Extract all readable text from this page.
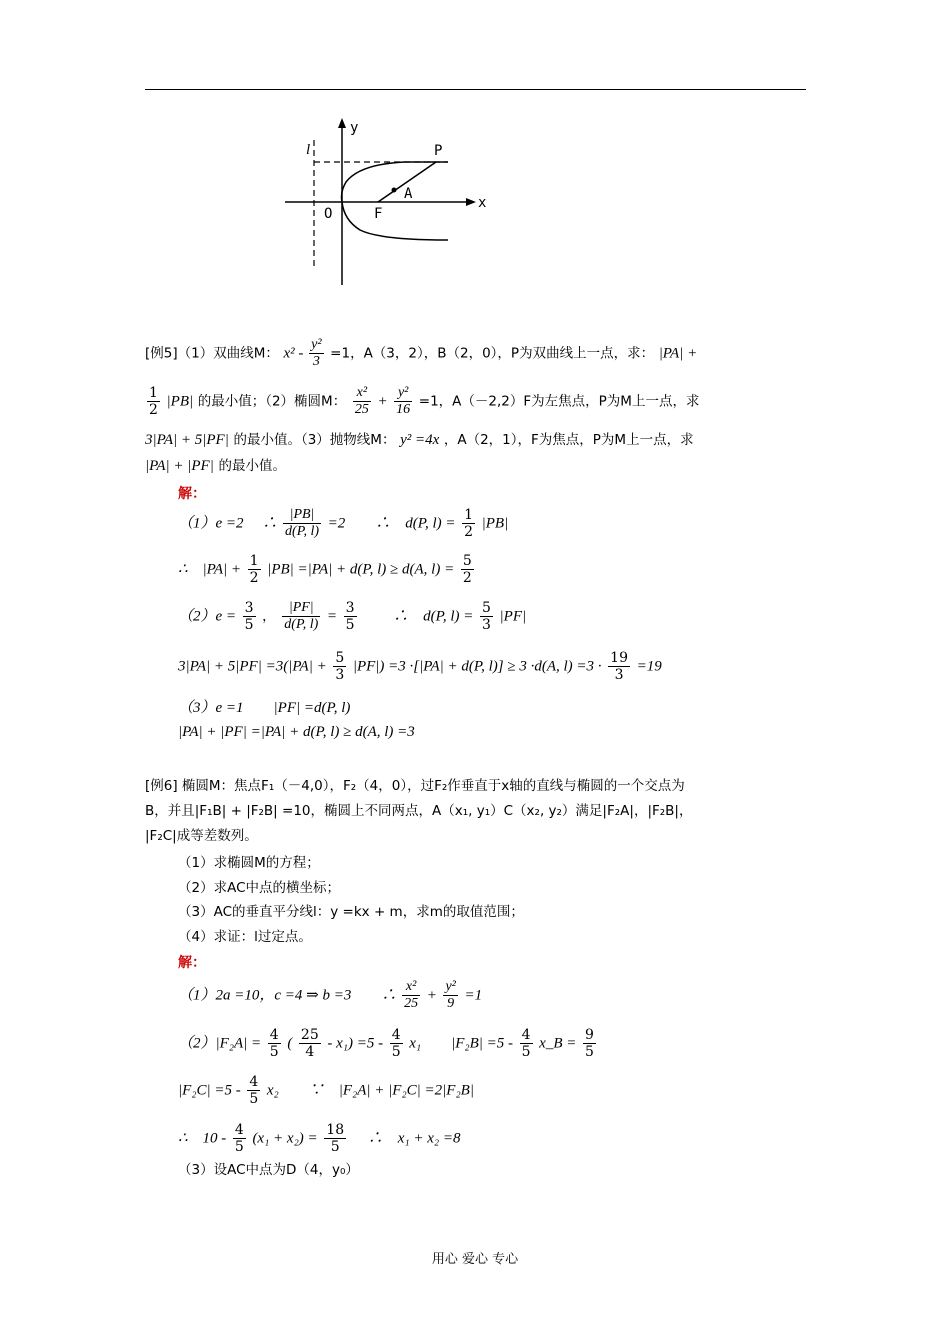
l
y
x
O	F
A
P
[例5]（1）双曲线M： $x^2 - \frac{\text{y²}}{3} =1$，A（3，2），B（2，0），P为双曲线上一点，求： |PA| +
$\frac{1}{2} |PB|$ 的最小值；（2）椭圆M： $\frac{\text{x²}}{25} + \frac{\text{y²}}{16} =1$，A（－2,2）F为左焦点，P为M上一点，求
3|PA| + 5|PF| 的最小值。（3）抛物线M： y² =4x ，A（2，1），F为焦点，P为M上一点，求
|PA| + |PF| 的最小值。
解：
（1）e =2　 ∴ $\frac{|PB|}{d(P, l)} =2$　　∴　d(P, $l) = \frac{1}{2} |PB|$
∴　$|PA| + \frac{1}{2} |PB| =|PA| + d(P$, l) ≥ d(A, $l) = \frac{5}{2}$
$(2)e = \frac{3}{5}$ ， $\frac{|PF|}{d(P, l)} = \frac{3}{5}$ 　　∴　d(P, $l) = \frac{5}{3} |PF|$
$3|PA| + 5|PF| =3(|PA| + \frac{5}{3} |PF|) =3 \cdot[|PA| + d(P$, l)] ≥ 3 ·d(A, $l) =3 \cdot \frac{19}{3} =19$
（3）e =1　　|PF| =d(P, l)
|PA| + |PF| =|PA| + d(P, l) ≥ d(A, l) =3
[例6] 椭圆M：焦点F₁（－4,0），F₂（4，0），过F₂作垂直于x轴的直线与椭圆的一个交点为
B，并且|F₁B| + |F₂B| =10，椭圆上不同两点，A（x₁, y₁）C（x₂, y₂）满足|F₂A|，|F₂B|，
|F₂C|成等差数列。
（1）求椭圆M的方程；
（2）求AC中点的横坐标；
（3）AC的垂直平分线l：y =kx + m，求m的取值范围；
（4）求证：l过定点。
解：
（1）2a =10，c =4 ⇒ b =3　　∴ $\frac{\text{x²}}{25} + \frac{\text{y²}}{9} =1$
$(2)|F_2A| = \frac{4}{5}$ ( $\frac{25}{4} - x_1) =5 - \frac{4}{5} x_1$　　$|F_2B| =5 - \frac{4}{5}$ x_B = $\frac{9}{5}$
$|F_2C| =5 - \frac{4}{5} x_2$　　∵　|F₂A| + |F₂C| =2|F₂B|
∴　$10 - \frac{4}{5} (x_1 + x_2) = \frac{18}{5}$ 　∴　x₁ + x₂ =8
（3）设AC中点为D（4，y₀）
用心 爱心 专心
